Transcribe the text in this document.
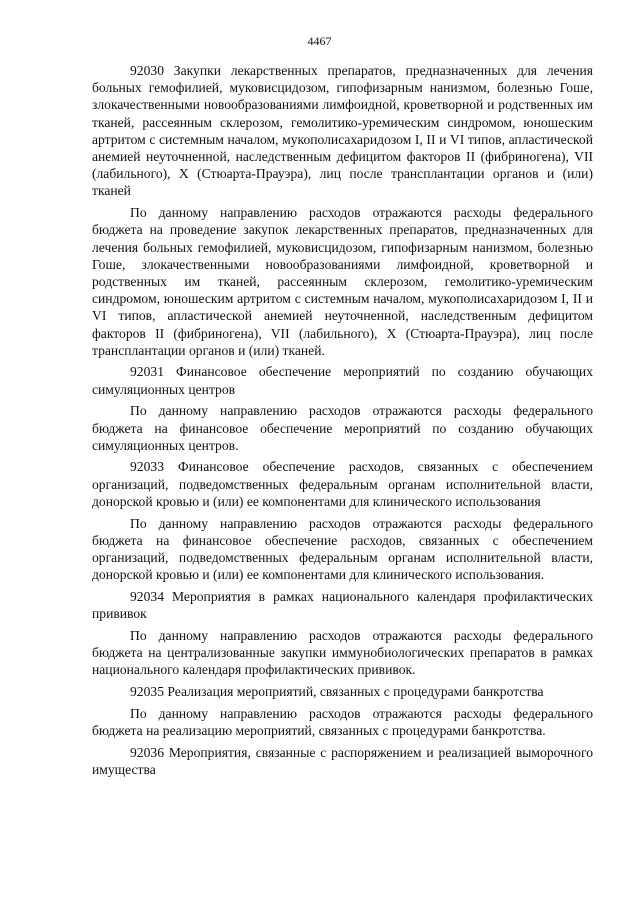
4467

92030 Закупки лекарственных препаратов, предназначенных для лечения больных гемофилией, муковисцидозом, гипофизарным нанизмом, болезнью Гоше, злокачественными новообразованиями лимфоидной, кроветворной и родственных им тканей, рассеянным склерозом, гемолитико-уремическим синдромом, юношеским артритом с системным началом, мукополисахаридозом I, II и VI типов, апластической анемией неуточненной, наследственным дефицитом факторов II (фибриногена), VII (лабильного), X (Стюарта-Прауэра), лиц после трансплантации органов и (или) тканей

По данному направлению расходов отражаются расходы федерального бюджета на проведение закупок лекарственных препаратов, предназначенных для лечения больных гемофилией, муковисцидозом, гипофизарным нанизмом, болезнью Гоше, злокачественными новообразованиями лимфоидной, кроветворной и родственных им тканей, рассеянным склерозом, гемолитико-уремическим синдромом, юношеским артритом с системным началом, мукополисахаридозом I, II и VI типов, апластической анемией неуточненной, наследственным дефицитом факторов II (фибриногена), VII (лабильного), X (Стюарта-Прауэра), лиц после трансплантации органов и (или) тканей.

92031 Финансовое обеспечение мероприятий по созданию обучающих симуляционных центров

По данному направлению расходов отражаются расходы федерального бюджета на финансовое обеспечение мероприятий по созданию обучающих симуляционных центров.

92033 Финансовое обеспечение расходов, связанных с обеспечением организаций, подведомственных федеральным органам исполнительной власти, донорской кровью и (или) ее компонентами для клинического использования

По данному направлению расходов отражаются расходы федерального бюджета на финансовое обеспечение расходов, связанных с обеспечением организаций, подведомственных федеральным органам исполнительной власти, донорской кровью и (или) ее компонентами для клинического использования.

92034 Мероприятия в рамках национального календаря профилактических прививок

По данному направлению расходов отражаются расходы федерального бюджета на централизованные закупки иммунобиологических препаратов в рамках национального календаря профилактических прививок.

92035 Реализация мероприятий, связанных с процедурами банкротства

По данному направлению расходов отражаются расходы федерального бюджета на реализацию мероприятий, связанных с процедурами банкротства.

92036 Мероприятия, связанные с распоряжением и реализацией выморочного имущества
